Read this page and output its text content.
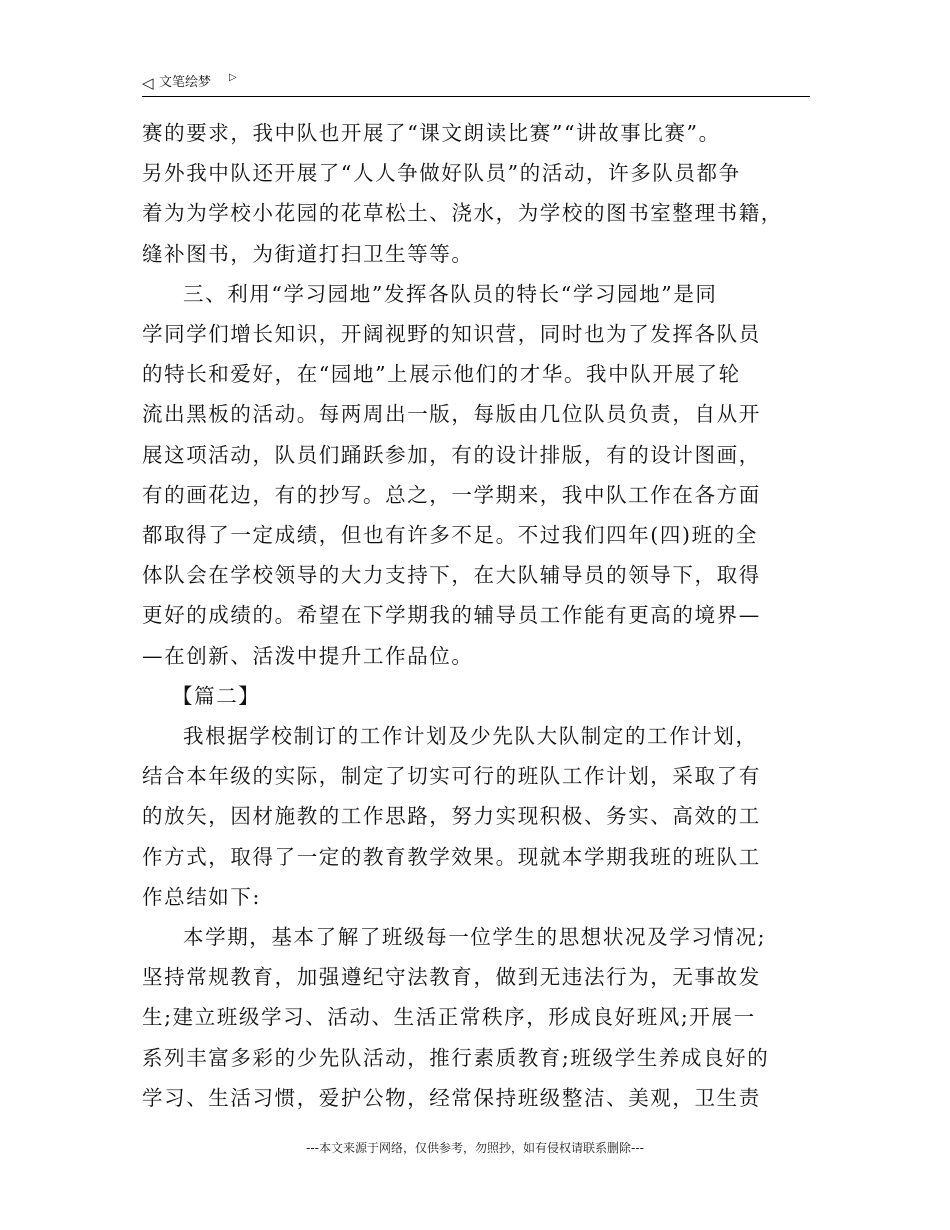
◁ 文笔绘梦 ▷
赛的要求，我中队也开展了“课文朗读比赛”“讲故事比赛”。
另外我中队还开展了“人人争做好队员”的活动，许多队员都争
着为为学校小花园的花草松土、浇水，为学校的图书室整理书籍，
缝补图书，为街道打扫卫生等等。
三、利用“学习园地”发挥各队员的特长“学习园地”是同
学同学们增长知识，开阔视野的知识营，同时也为了发挥各队员
的特长和爱好，在“园地”上展示他们的才华。我中队开展了轮
流出黑板的活动。每两周出一版，每版由几位队员负责，自从开
展这项活动，队员们踊跃参加，有的设计排版，有的设计图画，
有的画花边，有的抄写。总之，一学期来，我中队工作在各方面
都取得了一定成绩，但也有许多不足。不过我们四年(四)班的全
体队会在学校领导的大力支持下，在大队辅导员的领导下，取得
更好的成绩的。希望在下学期我的辅导员工作能有更高的境界—
—在创新、活泼中提升工作品位。
【篇二】
我根据学校制订的工作计划及少先队大队制定的工作计划，
结合本年级的实际，制定了切实可行的班队工作计划，采取了有
的放矢，因材施教的工作思路，努力实现积极、务实、高效的工
作方式，取得了一定的教育教学效果。现就本学期我班的班队工
作总结如下:
本学期，基本了解了班级每一位学生的思想状况及学习情况;
坚持常规教育，加强遵纪守法教育，做到无违法行为，无事故发
生;建立班级学习、活动、生活正常秩序，形成良好班风;开展一
系列丰富多彩的少先队活动，推行素质教育;班级学生养成良好的
学习、生活习惯，爱护公物，经常保持班级整洁、美观，卫生责
---本文来源于网络，仅供参考，勿照抄，如有侵权请联系删除---
